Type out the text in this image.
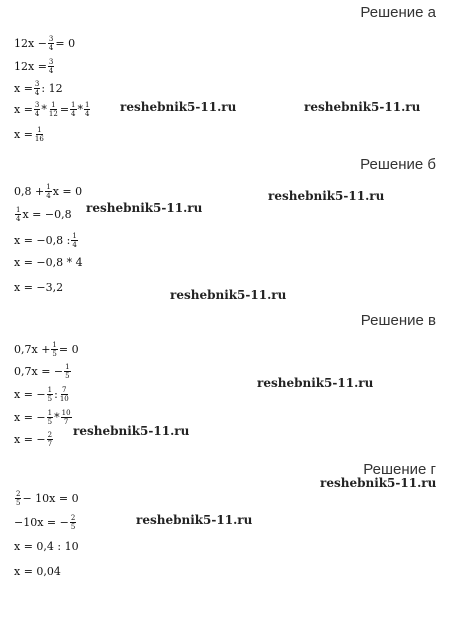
Решение а
$12x - \frac{3}{4} = 0$
$12x = \frac{3}{4}$
$x = \frac{3}{4}$ : 12
$x = \frac{3}{4} * \frac{1}{12} = \frac{1}{4} * \frac{1}{4}$
$x = \frac{1}{16}$
reshebnik5-11.ru	reshebnik5-11.ru
Решение б
$0,8 + \frac{1}{4}$ x = 0
$\frac{1}{4}$ x = −0,8
x = −0,8 : $\frac{1}{4}$
x = −0,8 * 4
x = −3,2
reshebnik5-11.ru
reshebnik5-11.ru
reshebnik5-11.ru
Решение в
$0,7x + \frac{1}{5} = 0$
0,7x = − $\frac{1}{5}$
x = − $\frac{1}{5}$ : $\frac{7}{10}$
x = − $\frac{1}{5} * \frac{10}{7}$
x = − $\frac{2}{7}$
reshebnik5-11.ru
reshebnik5-11.ru
Решение г
reshebnik5-11.ru
$\frac{2}{5} - 10x = 0$
−10x = − $\frac{2}{5}$
x = 0,4 : 10
x = 0,04
reshebnik5-11.ru
